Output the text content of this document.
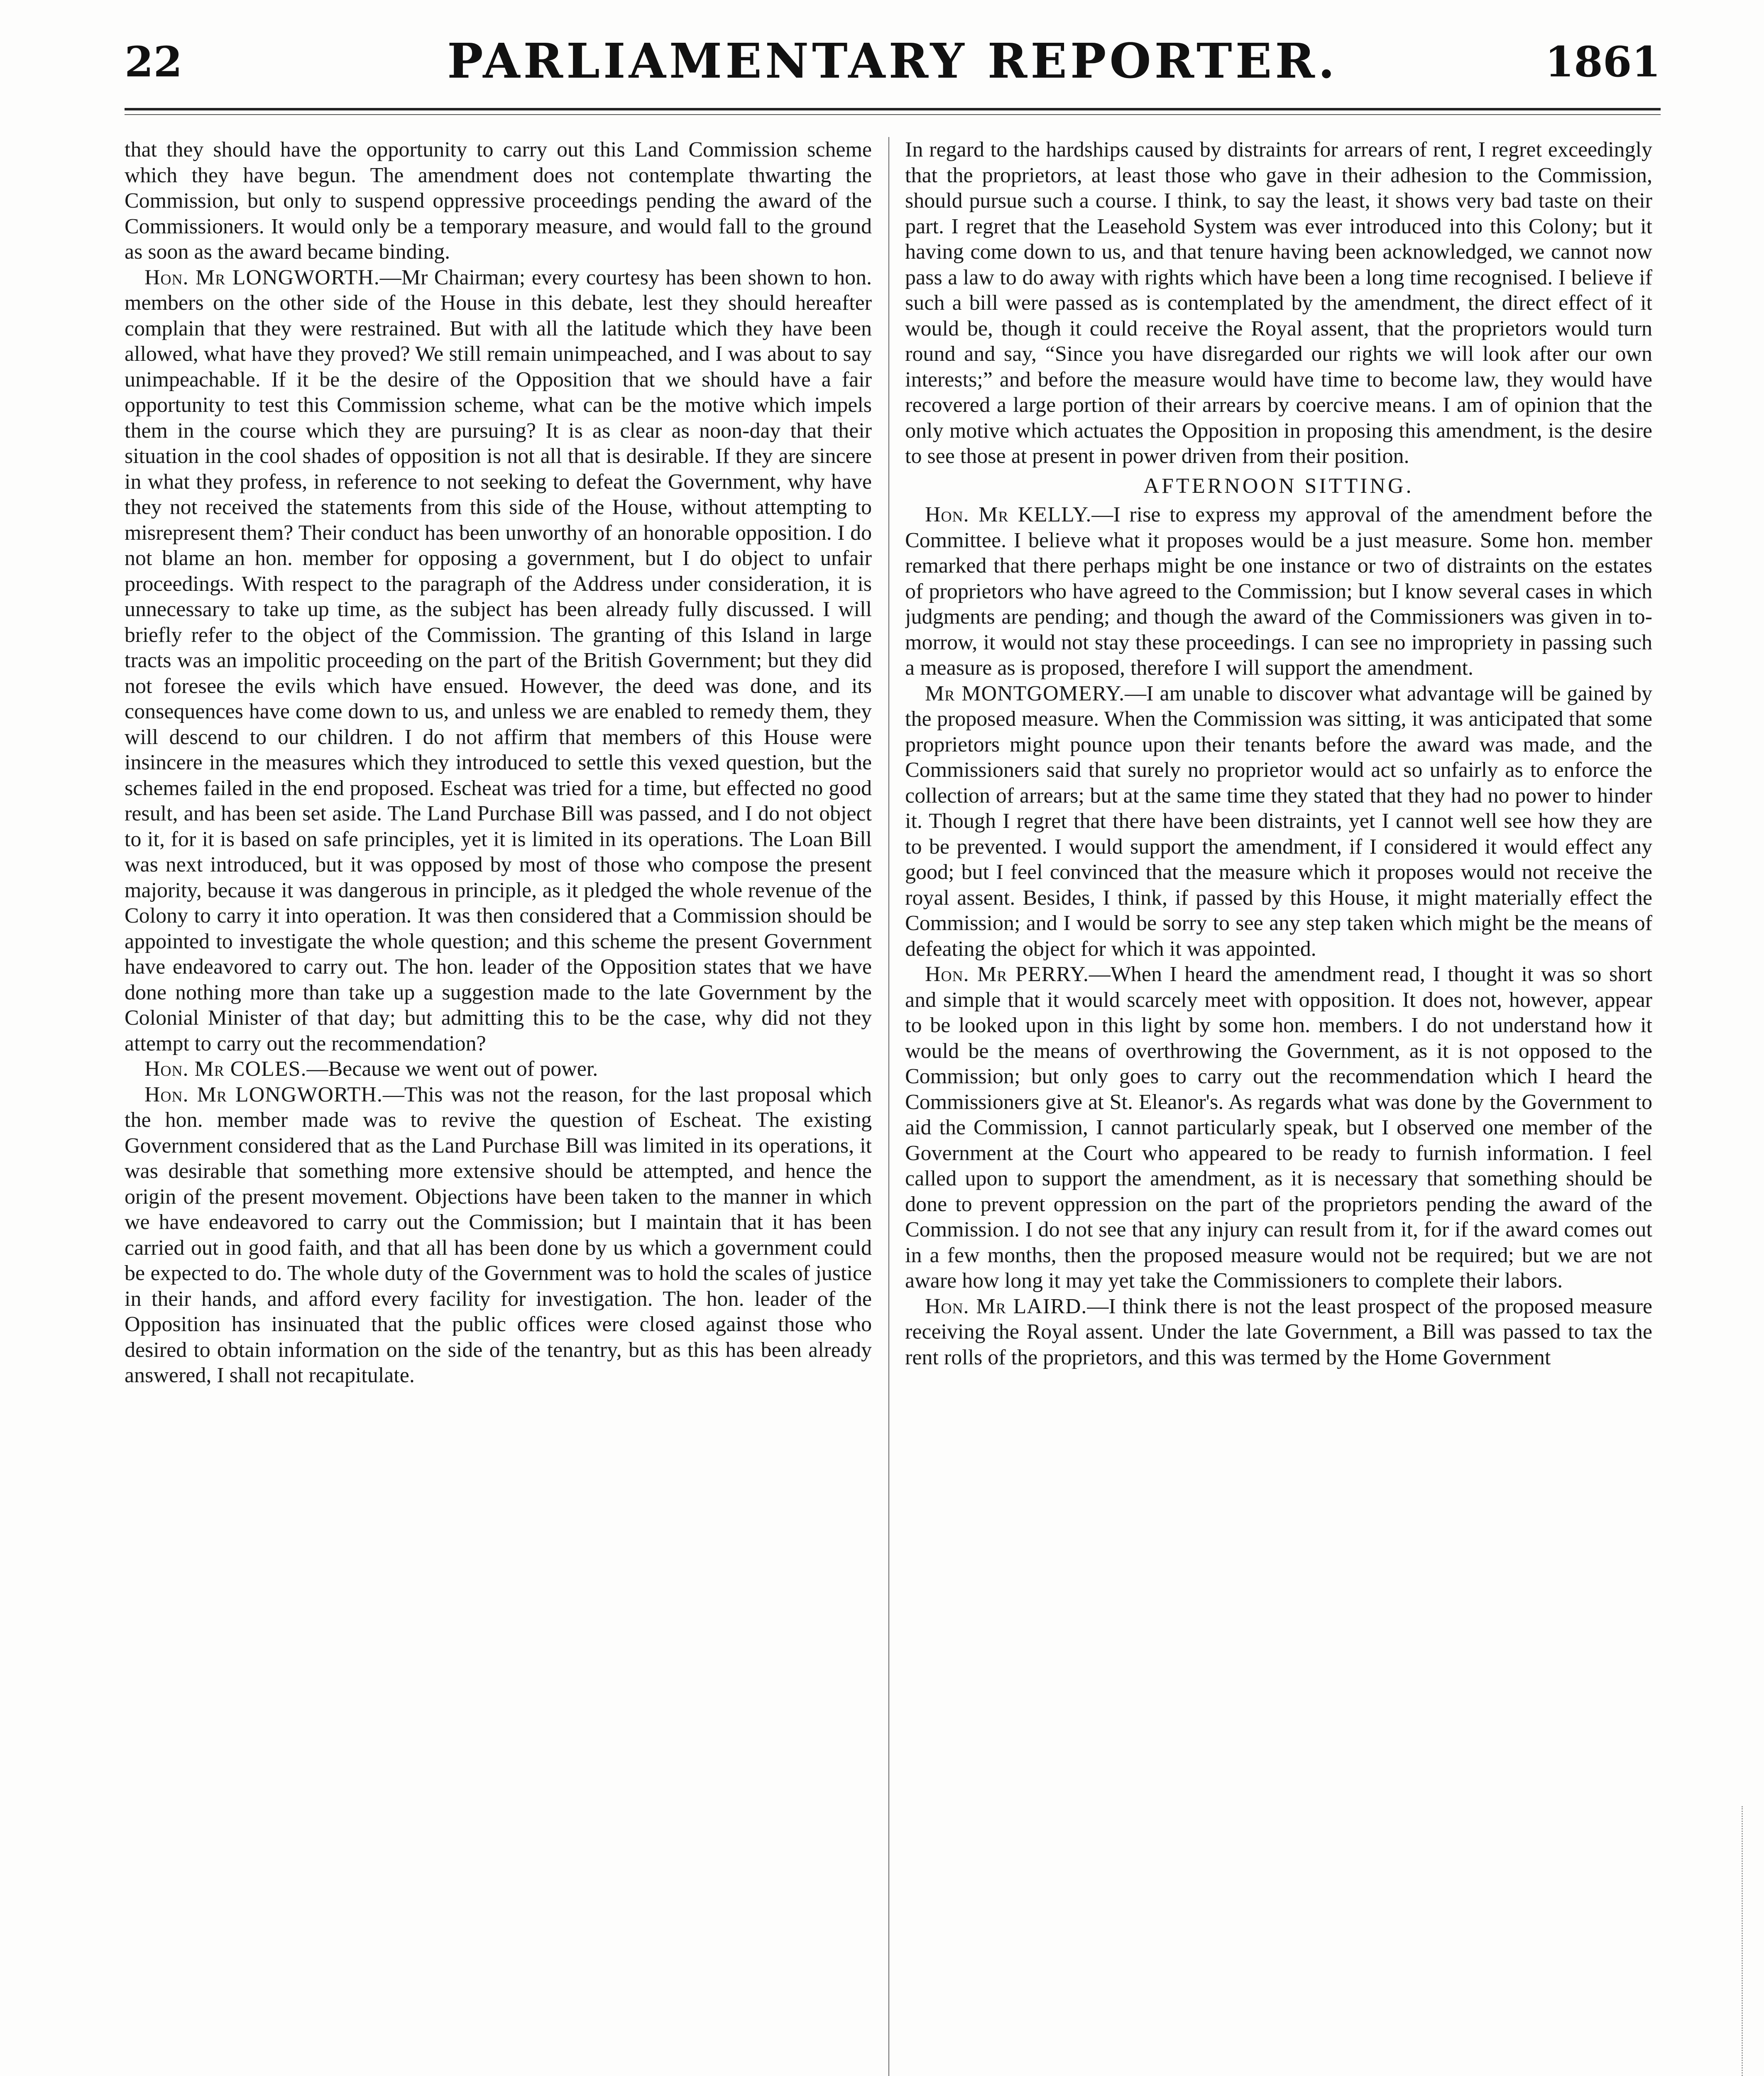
22	PARLIAMENTARY REPORTER.	1861

that they should have the opportunity to carry out this Land Commission scheme which they have begun. The amendment does not contemplate thwarting the Commission, but only to suspend oppressive proceedings pending the award of the Commissioners. It would only be a temporary measure, and would fall to the ground as soon as the award became binding.

Hon. Mr LONGWORTH.—Mr Chairman; every courtesy has been shown to hon. members on the other side of the House in this debate, lest they should hereafter complain that they were restrained. But with all the latitude which they have been allowed, what have they proved? We still remain unimpeached, and I was about to say unimpeachable. If it be the desire of the Opposition that we should have a fair opportunity to test this Commission scheme, what can be the motive which impels them in the course which they are pursuing? It is as clear as noon-day that their situation in the cool shades of opposition is not all that is desirable. If they are sincere in what they profess, in reference to not seeking to defeat the Government, why have they not received the statements from this side of the House, without attempting to misrepresent them? Their conduct has been unworthy of an honorable opposition. I do not blame an hon. member for opposing a government, but I do object to unfair proceedings. With respect to the paragraph of the Address under consideration, it is unnecessary to take up time, as the subject has been already fully discussed. I will briefly refer to the object of the Commission. The granting of this Island in large tracts was an impolitic proceeding on the part of the British Government; but they did not foresee the evils which have ensued. However, the deed was done, and its consequences have come down to us, and unless we are enabled to remedy them, they will descend to our children. I do not affirm that members of this House were insincere in the measures which they introduced to settle this vexed question, but the schemes failed in the end proposed. Escheat was tried for a time, but effected no good result, and has been set aside. The Land Purchase Bill was passed, and I do not object to it, for it is based on safe principles, yet it is limited in its operations. The Loan Bill was next introduced, but it was opposed by most of those who compose the present majority, because it was dangerous in principle, as it pledged the whole revenue of the Colony to carry it into operation. It was then considered that a Commission should be appointed to investigate the whole question; and this scheme the present Government have endeavored to carry out. The hon. leader of the Opposition states that we have done nothing more than take up a suggestion made to the late Government by the Colonial Minister of that day; but admitting this to be the case, why did not they attempt to carry out the recommendation?

Hon. Mr COLES.—Because we went out of power.

Hon. Mr LONGWORTH.—This was not the reason, for the last proposal which the hon. member made was to revive the question of Escheat. The existing Government considered that as the Land Purchase Bill was limited in its operations, it was desirable that something more extensive should be attempted, and hence the origin of the present movement. Objections have been taken to the manner in which we have endeavored to carry out the Commission; but I maintain that it has been carried out in good faith, and that all has been done by us which a government could be expected to do. The whole duty of the Government was to hold the scales of justice in their hands, and afford every facility for investigation. The hon. leader of the Opposition has insinuated that the public offices were closed against those who desired to obtain information on the side of the tenantry, but as this has been already answered, I shall not recapitulate.

In regard to the hardships caused by distraints for arrears of rent, I regret exceedingly that the proprietors, at least those who gave in their adhesion to the Commission, should pursue such a course. I think, to say the least, it shows very bad taste on their part. I regret that the Leasehold System was ever introduced into this Colony; but it having come down to us, and that tenure having been acknowledged, we cannot now pass a law to do away with rights which have been a long time recognised. I believe if such a bill were passed as is contemplated by the amendment, the direct effect of it would be, though it could receive the Royal assent, that the proprietors would turn round and say, “Since you have disregarded our rights we will look after our own interests;” and before the measure would have time to become law, they would have recovered a large portion of their arrears by coercive means. I am of opinion that the only motive which actuates the Opposition in proposing this amendment, is the desire to see those at present in power driven from their position.

AFTERNOON SITTING.

Hon. Mr KELLY.—I rise to express my approval of the amendment before the Committee. I believe what it proposes would be a just measure. Some hon. member remarked that there perhaps might be one instance or two of distraints on the estates of proprietors who have agreed to the Commission; but I know several cases in which judgments are pending; and though the award of the Commissioners was given in to-morrow, it would not stay these proceedings. I can see no impropriety in passing such a measure as is proposed, therefore I will support the amendment.

Mr MONTGOMERY.—I am unable to discover what advantage will be gained by the proposed measure. When the Commission was sitting, it was anticipated that some proprietors might pounce upon their tenants before the award was made, and the Commissioners said that surely no proprietor would act so unfairly as to enforce the collection of arrears; but at the same time they stated that they had no power to hinder it. Though I regret that there have been distraints, yet I cannot well see how they are to be prevented. I would support the amendment, if I considered it would effect any good; but I feel convinced that the measure which it proposes would not receive the royal assent. Besides, I think, if passed by this House, it might materially effect the Commission; and I would be sorry to see any step taken which might be the means of defeating the object for which it was appointed.

Hon. Mr PERRY.—When I heard the amendment read, I thought it was so short and simple that it would scarcely meet with opposition. It does not, however, appear to be looked upon in this light by some hon. members. I do not understand how it would be the means of overthrowing the Government, as it is not opposed to the Commission; but only goes to carry out the recommendation which I heard the Commissioners give at St. Eleanor's. As regards what was done by the Government to aid the Commission, I cannot particularly speak, but I observed one member of the Government at the Court who appeared to be ready to furnish information. I feel called upon to support the amendment, as it is necessary that something should be done to prevent oppression on the part of the proprietors pending the award of the Commission. I do not see that any injury can result from it, for if the award comes out in a few months, then the proposed measure would not be required; but we are not aware how long it may yet take the Commissioners to complete their labors.

Hon. Mr LAIRD.—I think there is not the least prospect of the proposed measure receiving the Royal assent. Under the late Government, a Bill was passed to tax the rent rolls of the proprietors, and this was termed by the Home Government
